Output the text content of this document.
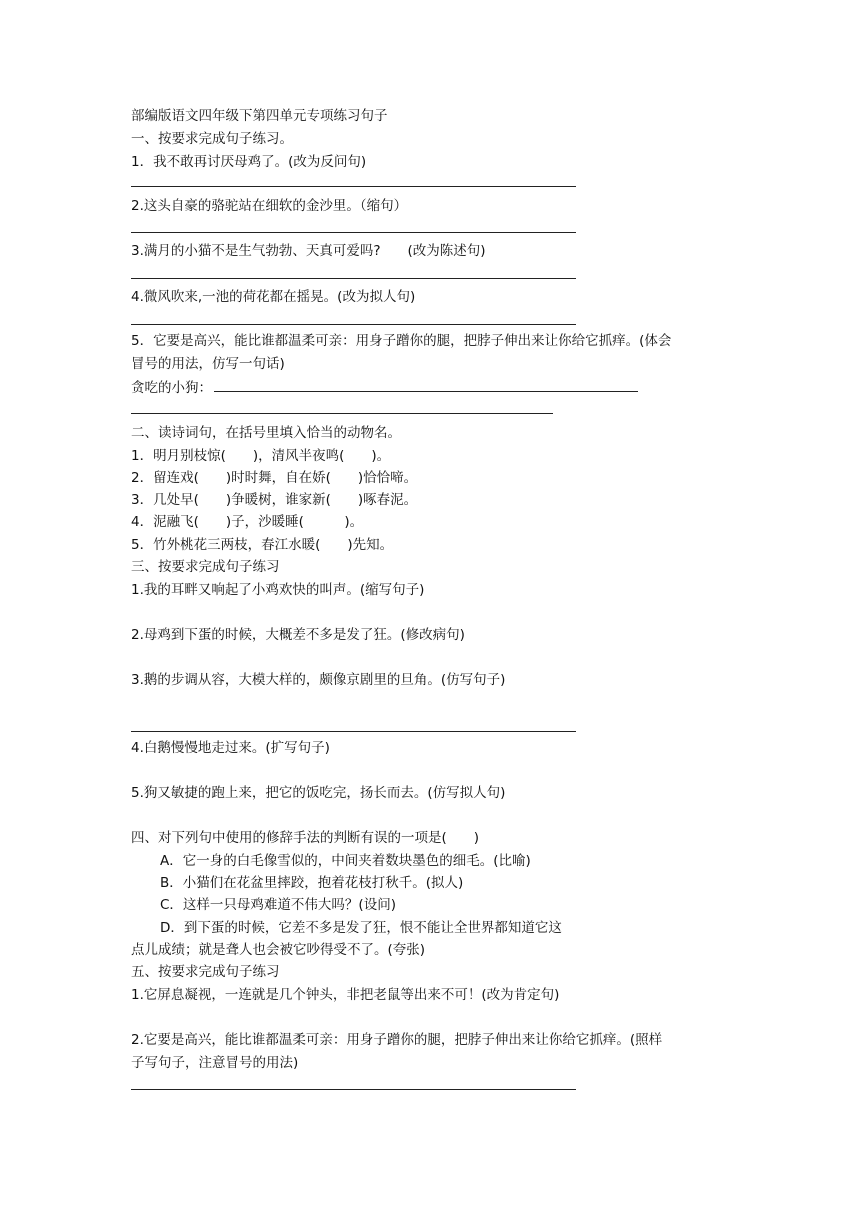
部编版语文四年级下第四单元专项练习句子
一、按要求完成句子练习。
1．我不敢再讨厌母鸡了。(改为反问句)
2.这头自豪的骆驼站在细软的金沙里。（缩句）
3.满月的小猫不是生气勃勃、天真可爱吗?　　(改为陈述句)
4.微风吹来,一池的荷花都在摇晃。(改为拟人句)
5．它要是高兴，能比谁都温柔可亲：用身子蹭你的腿，把脖子伸出来让你给它抓痒。(体会
冒号的用法，仿写一句话)
贪吃的小狗：
二、读诗词句，在括号里填入恰当的动物名。
1．明月别枝惊(　　)，清风半夜鸣(　　)。
2．留连戏(　　)时时舞，自在娇(　　)恰恰啼。
3．几处早(　　)争暖树，谁家新(　　)啄春泥。
4．泥融飞(　　)子，沙暖睡(　　　)。
5．竹外桃花三两枝，春江水暖(　　)先知。
三、按要求完成句子练习
1.我的耳畔又响起了小鸡欢快的叫声。(缩写句子)
2.母鸡到下蛋的时候，大概差不多是发了狂。(修改病句)
3.鹅的步调从容，大模大样的，颇像京剧里的旦角。(仿写句子)
4.白鹅慢慢地走过来。(扩写句子)
5.狗又敏捷的跑上来，把它的饭吃完，扬长而去。(仿写拟人句)
四、对下列句中使用的修辞手法的判断有误的一项是(　　)
A．它一身的白毛像雪似的，中间夹着数块墨色的细毛。(比喻)
B．小猫们在花盆里摔跤，抱着花枝打秋千。(拟人)
C．这样一只母鸡难道不伟大吗？(设问)
D．到下蛋的时候，它差不多是发了狂，恨不能让全世界都知道它这
点儿成绩；就是聋人也会被它吵得受不了。(夸张)
五、按要求完成句子练习
1.它屏息凝视，一连就是几个钟头，非把老鼠等出来不可！(改为肯定句)
2.它要是高兴，能比谁都温柔可亲：用身子蹭你的腿，把脖子伸出来让你给它抓痒。(照样
子写句子，注意冒号的用法)
